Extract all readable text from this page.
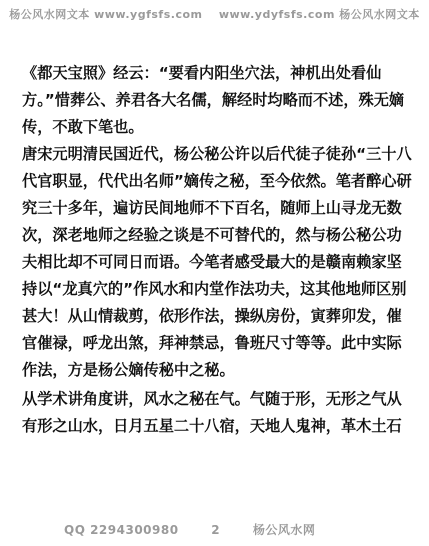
杨公风水网文本 www.ygfsfs.com www.ydyfsfs.com 杨公风水网文本

《都天宝照》经云：“要看内阳坐穴法，神机出处看仙方。”惜葬公、养君各大名儒，解经时均略而不述，殊无嫡传，不敢下笔也。

唐宋元明清民国近代，杨公秘公许以后代徒子徒孙“三十八代官职显，代代出名师”嫡传之秘，至今依然。笔者醉心研究三十多年，遍访民间地师不下百名，随师上山寻龙无数次，深老地师之经验之谈是不可替代的，然与杨公秘公功夫相比却不可同日而语。今笔者感受最大的是赣南赖家坚持以“龙真穴的”作风水和内堂作法功夫，这其他地师区别甚大！从山情裁剪，依形作法，操纵房份，寅葬卯发，催官催禄，呼龙出煞，拜神禁忌，鲁班尺寸等等。此中实际作法，方是杨公嫡传秘中之秘。

从学术讲角度讲，风水之秘在气。气随于形，无形之气从有形之山水，日月五星二十八宿，天地人鬼神，革木土石

QQ 2294300980	2	杨公风水网
